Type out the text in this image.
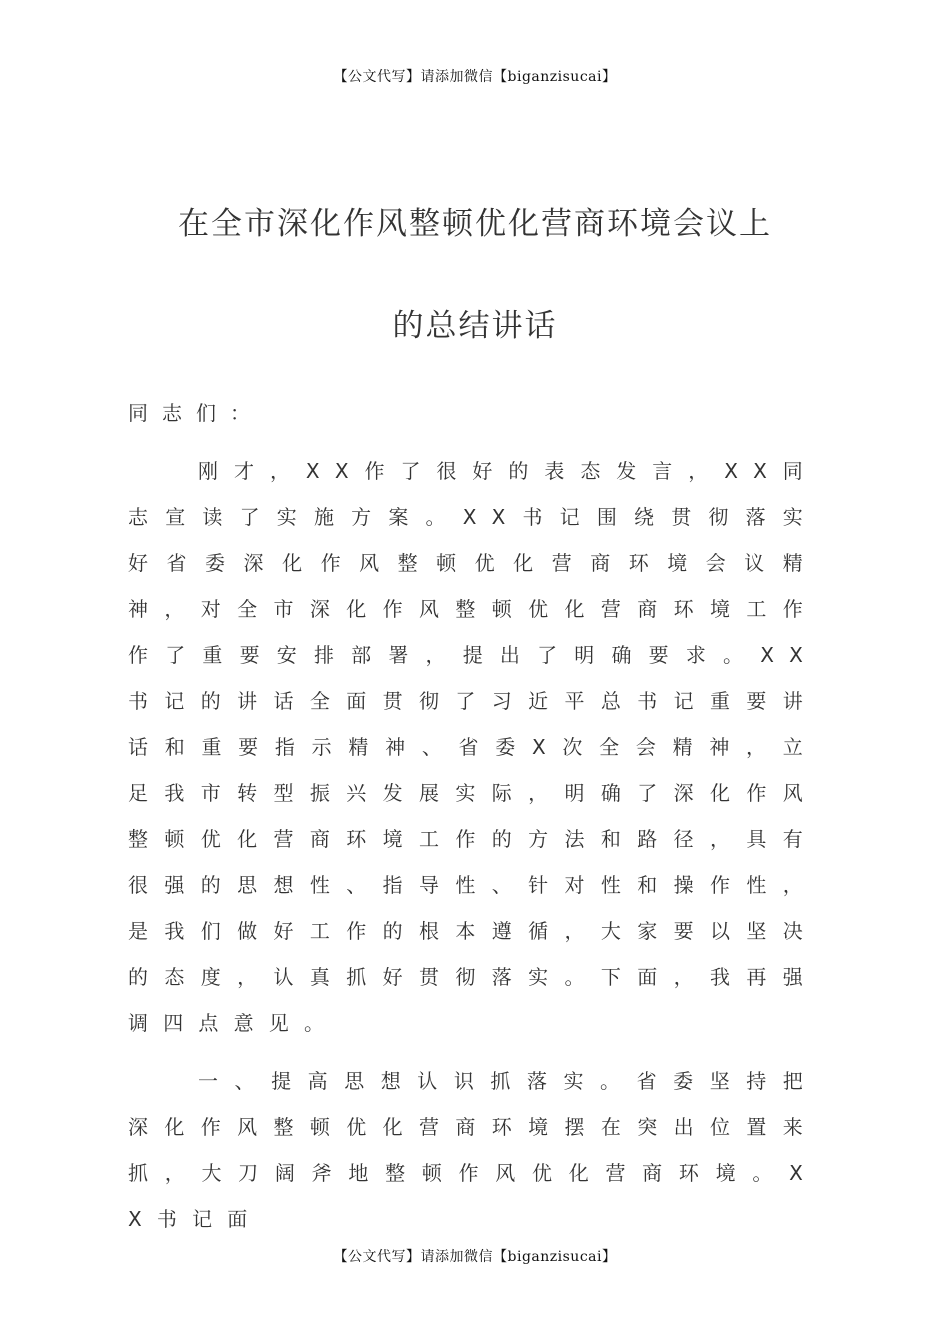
【公文代写】请添加微信【biganzisucai】
在全市深化作风整顿优化营商环境会议上
的总结讲话

同志们：

刚才，XX作了很好的表态发言，XX同志宣读了实施方案。XX书记围绕贯彻落实好省委深化作风整顿优化营商环境会议精神，对全市深化作风整顿优化营商环境工作作了重要安排部署，提出了明确要求。XX书记的讲话全面贯彻了习近平总书记重要讲话和重要指示精神、省委X次全会精神，立足我市转型振兴发展实际，明确了深化作风整顿优化营商环境工作的方法和路径，具有很强的思想性、指导性、针对性和操作性，是我们做好工作的根本遵循，大家要以坚决的态度，认真抓好贯彻落实。下面，我再强调四点意见。

一、提高思想认识抓落实。省委坚持把深化作风整顿优化营商环境摆在突出位置来抓，大刀阔斧地整顿作风优化营商环境。XX书记面

【公文代写】请添加微信【biganzisucai】
